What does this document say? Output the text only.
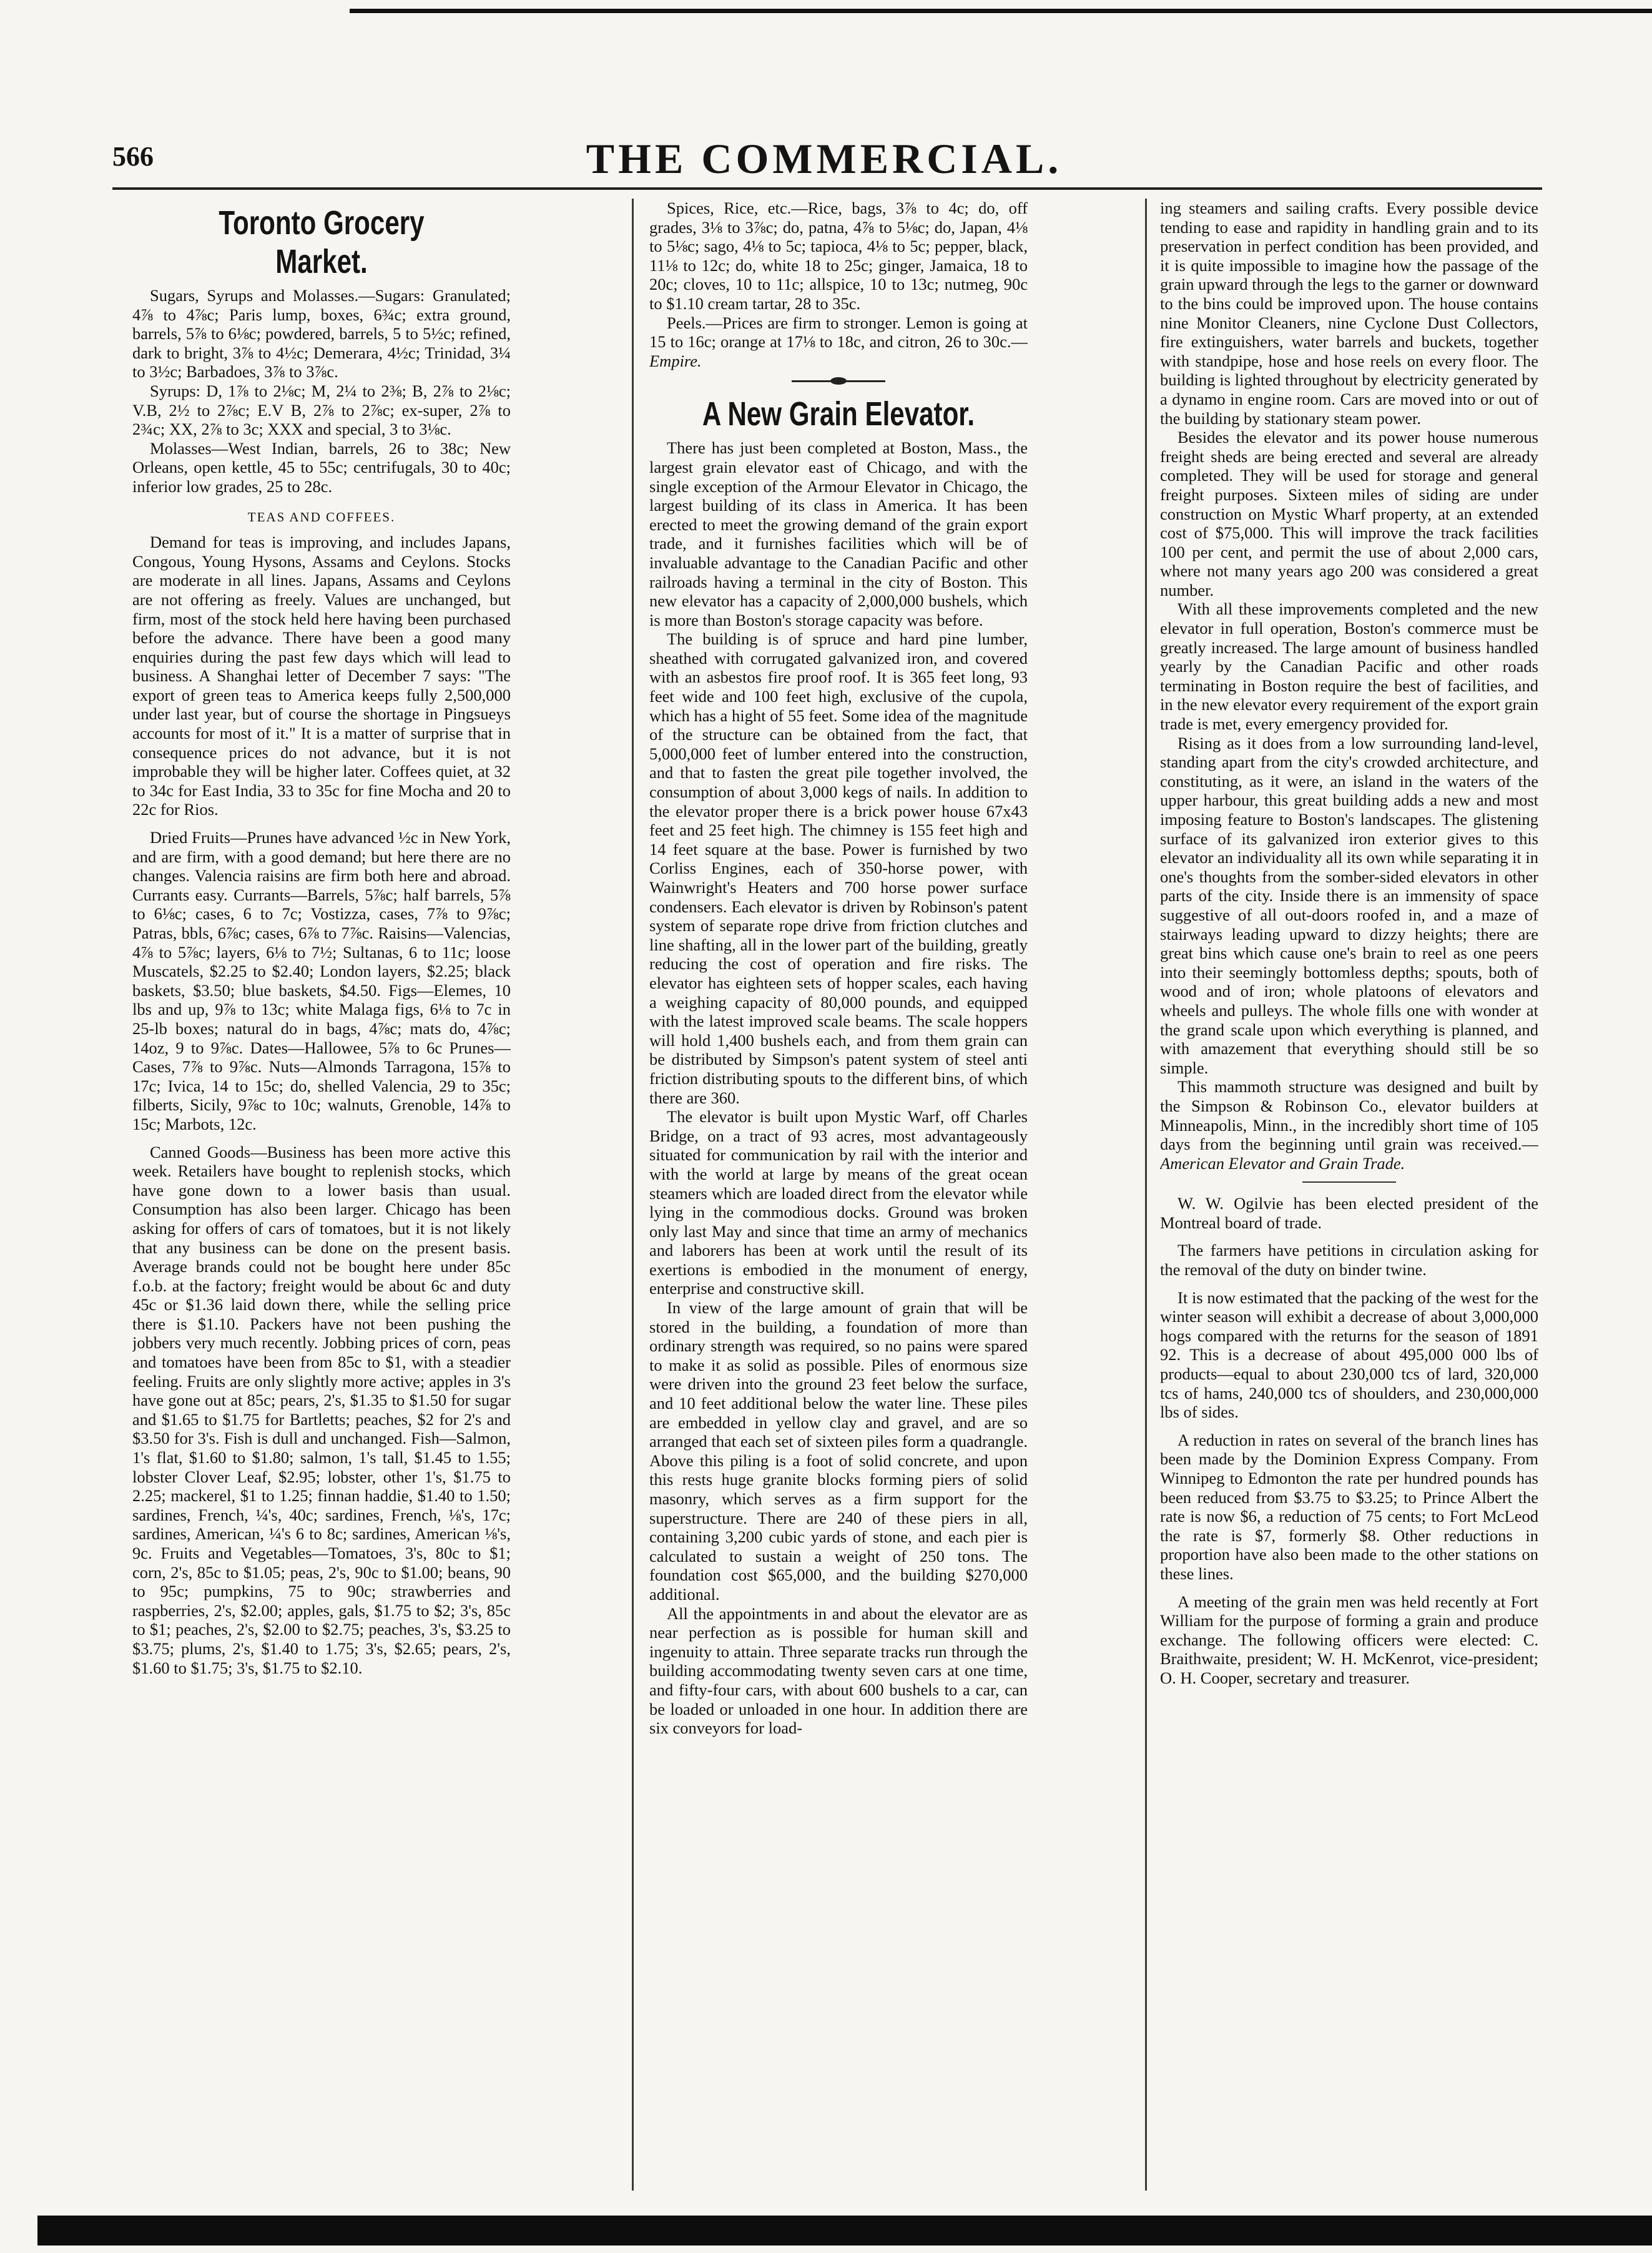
566	THE COMMERCIAL.
Toronto Grocery Market.

Sugars, Syrups and Molasses.—Sugars: Granulated; 4⅞ to 4⅞c; Paris lump, boxes, 6¾c; extra ground, barrels, 5⅞ to 6⅛c; powdered, barrels, 5 to 5½c; refined, dark to bright, 3⅞ to 4½c; Demerara, 4½c; Trinidad, 3¼ to 3½c; Barbadoes, 3⅞ to 3⅞c.

Syrups: D, 1⅞ to 2⅛c; M, 2¼ to 2⅜; B, 2⅞ to 2⅛c; V.B, 2½ to 2⅞c; E.V B, 2⅞ to 2⅞c; ex-super, 2⅞ to 2¾c; XX, 2⅞ to 3c; XXX and special, 3 to 3⅛c.

Molasses—West Indian, barrels, 26 to 38c; New Orleans, open kettle, 45 to 55c; centrifugals, 30 to 40c; inferior low grades, 25 to 28c.

TEAS AND COFFEES.

Demand for teas is improving, and includes Japans, Congous, Young Hysons, Assams and Ceylons. Stocks are moderate in all lines. Japans, Assams and Ceylons are not offering as freely. Values are unchanged, but firm, most of the stock held here having been purchased before the advance. There have been a good many enquiries during the past few days which will lead to business. A Shanghai letter of December 7 says: "The export of green teas to America keeps fully 2,500,000 under last year, but of course the shortage in Pingsueys accounts for most of it." It is a matter of surprise that in consequence prices do not advance, but it is not improbable they will be higher later. Coffees quiet, at 32 to 34c for East India, 33 to 35c for fine Mocha and 20 to 22c for Rios.

Dried Fruits—Prunes have advanced ½c in New York, and are firm, with a good demand; but here there are no changes. Valencia raisins are firm both here and abroad. Currants easy. Currants—Barrels, 5⅞c; half barrels, 5⅞ to 6⅛c; cases, 6 to 7c; Vostizza, cases, 7⅞ to 9⅞c; Patras, bbls, 6⅞c; cases, 6⅞ to 7⅞c. Raisins—Valencias, 4⅞ to 5⅞c; layers, 6⅛ to 7½; Sultanas, 6 to 11c; loose Muscatels, $2.25 to $2.40; London layers, $2.25; black baskets, $3.50; blue baskets, $4.50. Figs—Elemes, 10 lbs and up, 9⅞ to 13c; white Malaga figs, 6⅛ to 7c in 25-lb boxes; natural do in bags, 4⅞c; mats do, 4⅞c; 14oz, 9 to 9⅞c. Dates—Hallowee, 5⅞ to 6c Prunes—Cases, 7⅞ to 9⅞c. Nuts—Almonds Tarragona, 15⅞ to 17c; Ivica, 14 to 15c; do, shelled Valencia, 29 to 35c; filberts, Sicily, 9⅞c to 10c; walnuts, Grenoble, 14⅞ to 15c; Marbots, 12c.

Canned Goods—Business has been more active this week. Retailers have bought to replenish stocks, which have gone down to a lower basis than usual. Consumption has also been larger. Chicago has been asking for offers of cars of tomatoes, but it is not likely that any business can be done on the present basis. Average brands could not be bought here under 85c f.o.b. at the factory; freight would be about 6c and duty 45c or $1.36 laid down there, while the selling price there is $1.10. Packers have not been pushing the jobbers very much recently. Jobbing prices of corn, peas and tomatoes have been from 85c to $1, with a steadier feeling. Fruits are only slightly more active; apples in 3's have gone out at 85c; pears, 2's, $1.35 to $1.50 for sugar and $1.65 to $1.75 for Bartletts; peaches, $2 for 2's and $3.50 for 3's. Fish is dull and unchanged. Fish—Salmon, 1's flat, $1.60 to $1.80; salmon, 1's tall, $1.45 to 1.55; lobster Clover Leaf, $2.95; lobster, other 1's, $1.75 to 2.25; mackerel, $1 to 1.25; finnan haddie, $1.40 to 1.50; sardines, French, ¼'s, 40c; sardines, French, ⅛'s, 17c; sardines, American, ¼'s 6 to 8c; sardines, American ⅛'s, 9c. Fruits and Vegetables—Tomatoes, 3's, 80c to $1; corn, 2's, 85c to $1.05; peas, 2's, 90c to $1.00; beans, 90 to 95c; pumpkins, 75 to 90c; strawberries and raspberries, 2's, $2.00; apples, gals, $1.75 to $2; 3's, 85c to $1; peaches, 2's, $2.00 to $2.75; peaches, 3's, $3.25 to $3.75; plums, 2's, $1.40 to 1.75; 3's, $2.65; pears, 2's, $1.60 to $1.75; 3's, $1.75 to $2.10.

Spices, Rice, etc.—Rice, bags, 3⅞ to 4c; do, off grades, 3⅛ to 3⅞c; do, patna, 4⅞ to 5⅛c; do, Japan, 4⅛ to 5⅛c; sago, 4⅛ to 5c; tapioca, 4⅛ to 5c; pepper, black, 11⅛ to 12c; do, white 18 to 25c; ginger, Jamaica, 18 to 20c; cloves, 10 to 11c; allspice, 10 to 13c; nutmeg, 90c to $1.10 cream tartar, 28 to 35c.

Peels.—Prices are firm to stronger. Lemon is going at 15 to 16c; orange at 17⅛ to 18c, and citron, 26 to 30c.—Empire.

A New Grain Elevator.

There has just been completed at Boston, Mass., the largest grain elevator east of Chicago, and with the single exception of the Armour Elevator in Chicago, the largest building of its class in America. It has been erected to meet the growing demand of the grain export trade, and it furnishes facilities which will be of invaluable advantage to the Canadian Pacific and other railroads having a terminal in the city of Boston. This new elevator has a capacity of 2,000,000 bushels, which is more than Boston's storage capacity was before.

The building is of spruce and hard pine lumber, sheathed with corrugated galvanized iron, and covered with an asbestos fire proof roof. It is 365 feet long, 93 feet wide and 100 feet high, exclusive of the cupola, which has a hight of 55 feet. Some idea of the magnitude of the structure can be obtained from the fact, that 5,000,000 feet of lumber entered into the construction, and that to fasten the great pile together involved, the consumption of about 3,000 kegs of nails. In addition to the elevator proper there is a brick power house 67x43 feet and 25 feet high. The chimney is 155 feet high and 14 feet square at the base. Power is furnished by two Corliss Engines, each of 350-horse power, with Wainwright's Heaters and 700 horse power surface condensers. Each elevator is driven by Robinson's patent system of separate rope drive from friction clutches and line shafting, all in the lower part of the building, greatly reducing the cost of operation and fire risks. The elevator has eighteen sets of hopper scales, each having a weighing capacity of 80,000 pounds, and equipped with the latest improved scale beams. The scale hoppers will hold 1,400 bushels each, and from them grain can be distributed by Simpson's patent system of steel anti friction distributing spouts to the different bins, of which there are 360.

The elevator is built upon Mystic Warf, off Charles Bridge, on a tract of 93 acres, most advantageously situated for communication by rail with the interior and with the world at large by means of the great ocean steamers which are loaded direct from the elevator while lying in the commodious docks. Ground was broken only last May and since that time an army of mechanics and laborers has been at work until the result of its exertions is embodied in the monument of energy, enterprise and constructive skill.

In view of the large amount of grain that will be stored in the building, a foundation of more than ordinary strength was required, so no pains were spared to make it as solid as possible. Piles of enormous size were driven into the ground 23 feet below the surface, and 10 feet additional below the water line. These piles are embedded in yellow clay and gravel, and are so arranged that each set of sixteen piles form a quadrangle. Above this piling is a foot of solid concrete, and upon this rests huge granite blocks forming piers of solid masonry, which serves as a firm support for the superstructure. There are 240 of these piers in all, containing 3,200 cubic yards of stone, and each pier is calculated to sustain a weight of 250 tons. The foundation cost $65,000, and the building $270,000 additional.

All the appointments in and about the elevator are as near perfection as is possible for human skill and ingenuity to attain. Three separate tracks run through the building accommodating twenty seven cars at one time, and fifty-four cars, with about 600 bushels to a car, can be loaded or unloaded in one hour. In addition there are six conveyors for load-

ing steamers and sailing crafts. Every possible device tending to ease and rapidity in handling grain and to its preservation in perfect condition has been provided, and it is quite impossible to imagine how the passage of the grain upward through the legs to the garner or downward to the bins could be improved upon. The house contains nine Monitor Cleaners, nine Cyclone Dust Collectors, fire extinguishers, water barrels and buckets, together with standpipe, hose and hose reels on every floor. The building is lighted throughout by electricity generated by a dynamo in engine room. Cars are moved into or out of the building by stationary steam power.

Besides the elevator and its power house numerous freight sheds are being erected and several are already completed. They will be used for storage and general freight purposes. Sixteen miles of siding are under construction on Mystic Wharf property, at an extended cost of $75,000. This will improve the track facilities 100 per cent, and permit the use of about 2,000 cars, where not many years ago 200 was considered a great number.

With all these improvements completed and the new elevator in full operation, Boston's commerce must be greatly increased. The large amount of business handled yearly by the Canadian Pacific and other roads terminating in Boston require the best of facilities, and in the new elevator every requirement of the export grain trade is met, every emergency provided for.

Rising as it does from a low surrounding land-level, standing apart from the city's crowded architecture, and constituting, as it were, an island in the waters of the upper harbour, this great building adds a new and most imposing feature to Boston's landscapes. The glistening surface of its galvanized iron exterior gives to this elevator an individuality all its own while separating it in one's thoughts from the somber-sided elevators in other parts of the city. Inside there is an immensity of space suggestive of all out-doors roofed in, and a maze of stairways leading upward to dizzy heights; there are great bins which cause one's brain to reel as one peers into their seemingly bottomless depths; spouts, both of wood and of iron; whole platoons of elevators and wheels and pulleys. The whole fills one with wonder at the grand scale upon which everything is planned, and with amazement that everything should still be so simple.

This mammoth structure was designed and built by the Simpson & Robinson Co., elevator builders at Minneapolis, Minn., in the incredibly short time of 105 days from the beginning until grain was received.—American Elevator and Grain Trade.

W. W. Ogilvie has been elected president of the Montreal board of trade.

The farmers have petitions in circulation asking for the removal of the duty on binder twine.

It is now estimated that the packing of the west for the winter season will exhibit a decrease of about 3,000,000 hogs compared with the returns for the season of 1891 92. This is a decrease of about 495,000 000 lbs of products—equal to about 230,000 tcs of lard, 320,000 tcs of hams, 240,000 tcs of shoulders, and 230,000,000 lbs of sides.

A reduction in rates on several of the branch lines has been made by the Dominion Express Company. From Winnipeg to Edmonton the rate per hundred pounds has been reduced from $3.75 to $3.25; to Prince Albert the rate is now $6, a reduction of 75 cents; to Fort McLeod the rate is $7, formerly $8. Other reductions in proportion have also been made to the other stations on these lines.

A meeting of the grain men was held recently at Fort William for the purpose of forming a grain and produce exchange. The following officers were elected: C. Braithwaite, president; W. H. McKenrot, vice-president; O. H. Cooper, secretary and treasurer.
